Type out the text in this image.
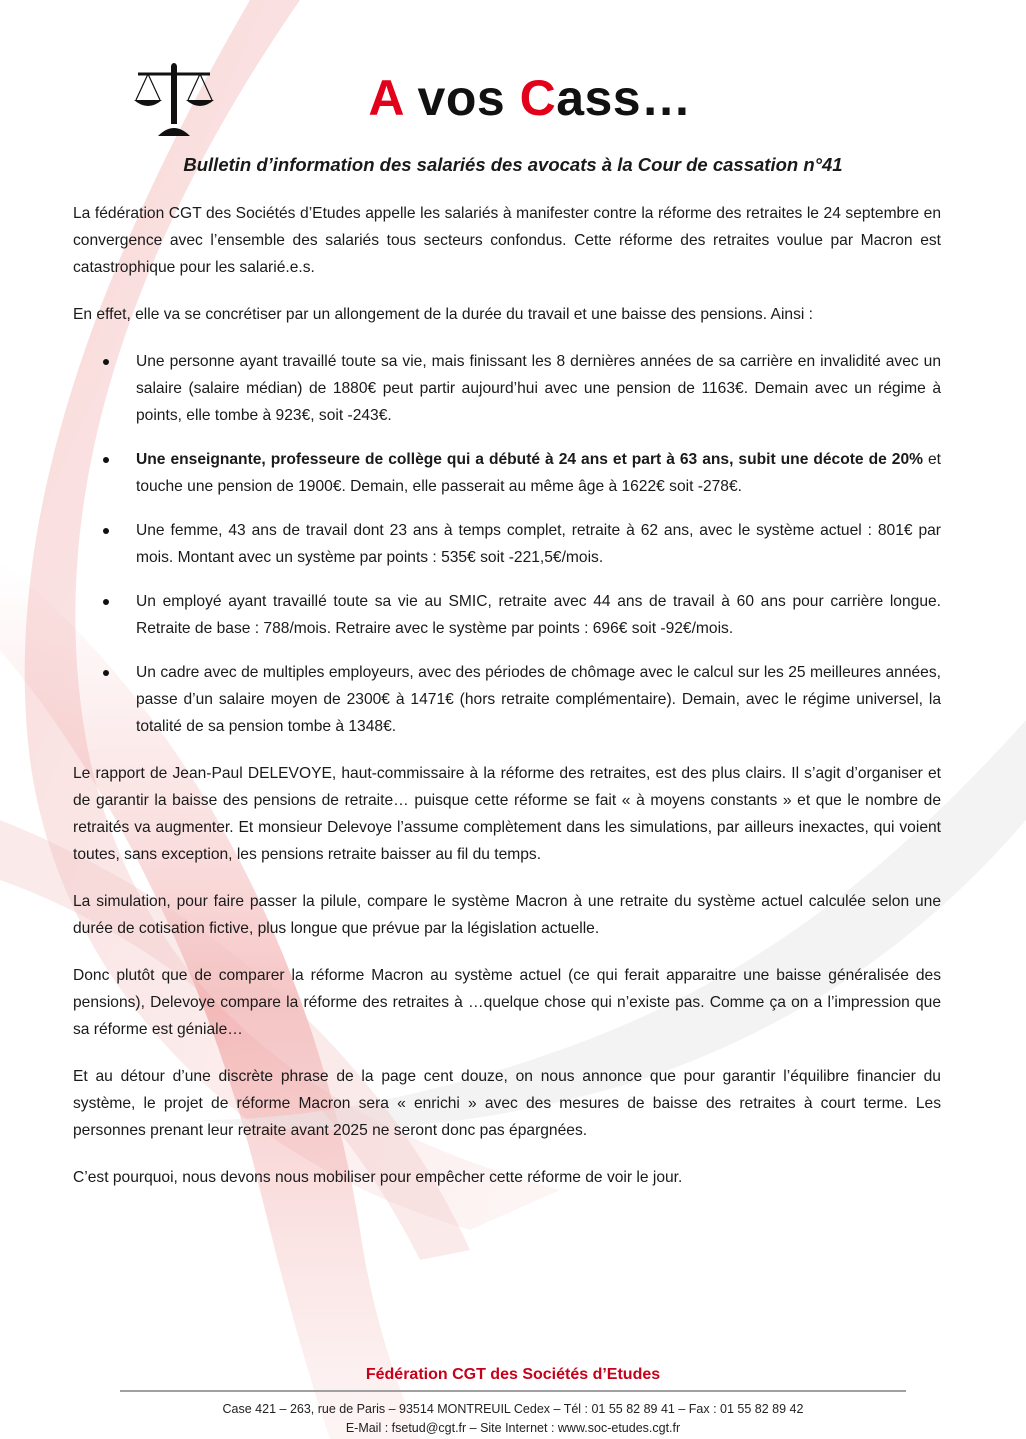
A vos Cass…
Bulletin d’information des salariés des avocats à la Cour de cassation n°41

La fédération CGT des Sociétés d’Etudes appelle les salariés à manifester contre la réforme des retraites le 24 septembre en convergence avec l’ensemble des salariés tous secteurs confondus. Cette réforme des retraites voulue par Macron est catastrophique pour les salarié.e.s.

En effet, elle va se concrétiser par un allongement de la durée du travail et une baisse des pensions. Ainsi :

Une personne ayant travaillé toute sa vie, mais finissant les 8 dernières années de sa carrière en invalidité avec un salaire (salaire médian) de 1880€ peut partir aujourd’hui avec une pension de 1163€. Demain avec un régime à points, elle tombe à 923€, soit -243€.
Une enseignante, professeure de collège qui a débuté à 24 ans et part à 63 ans, subit une décote de 20% et touche une pension de 1900€. Demain, elle passerait au même âge à 1622€ soit -278€.
Une femme, 43 ans de travail dont 23 ans à temps complet, retraite à 62 ans, avec le système actuel : 801€ par mois. Montant avec un système par points : 535€ soit -221,5€/mois.
Un employé ayant travaillé toute sa vie au SMIC, retraite avec 44 ans de travail à 60 ans pour carrière longue. Retraite de base : 788/mois. Retraire avec le système par points : 696€ soit -92€/mois.
Un cadre avec de multiples employeurs, avec des périodes de chômage avec le calcul sur les 25 meilleures années, passe d’un salaire moyen de 2300€ à 1471€ (hors retraite complémentaire). Demain, avec le régime universel, la totalité de sa pension tombe à 1348€.

Le rapport de Jean-Paul DELEVOYE, haut-commissaire à la réforme des retraites, est des plus clairs. Il s’agit d’organiser et de garantir la baisse des pensions de retraite… puisque cette réforme se fait « à moyens constants » et que le nombre de retraités va augmenter. Et monsieur Delevoye l’assume complètement dans les simulations, par ailleurs inexactes, qui voient toutes, sans exception, les pensions retraite baisser au fil du temps.

La simulation, pour faire passer la pilule, compare le système Macron à une retraite du système actuel calculée selon une durée de cotisation fictive, plus longue que prévue par la législation actuelle.

Donc plutôt que de comparer la réforme Macron au système actuel (ce qui ferait apparaitre une baisse généralisée des pensions), Delevoye compare la réforme des retraites à …quelque chose qui n’existe pas. Comme ça on a l’impression que sa réforme est géniale…

Et au détour d’une discrète phrase de la page cent douze, on nous annonce que pour garantir l’équilibre financier du système, le projet de réforme Macron sera « enrichi » avec des mesures de baisse des retraites à court terme. Les personnes prenant leur retraite avant 2025 ne seront donc pas épargnées.

C’est pourquoi, nous devons nous mobiliser pour empêcher cette réforme de voir le jour.

Fédération CGT des Sociétés d’Etudes
Case 421 – 263, rue de Paris – 93514 MONTREUIL Cedex – Tél : 01 55 82 89 41 – Fax : 01 55 82 89 42
E-Mail : fsetud@cgt.fr – Site Internet : www.soc-etudes.cgt.fr
